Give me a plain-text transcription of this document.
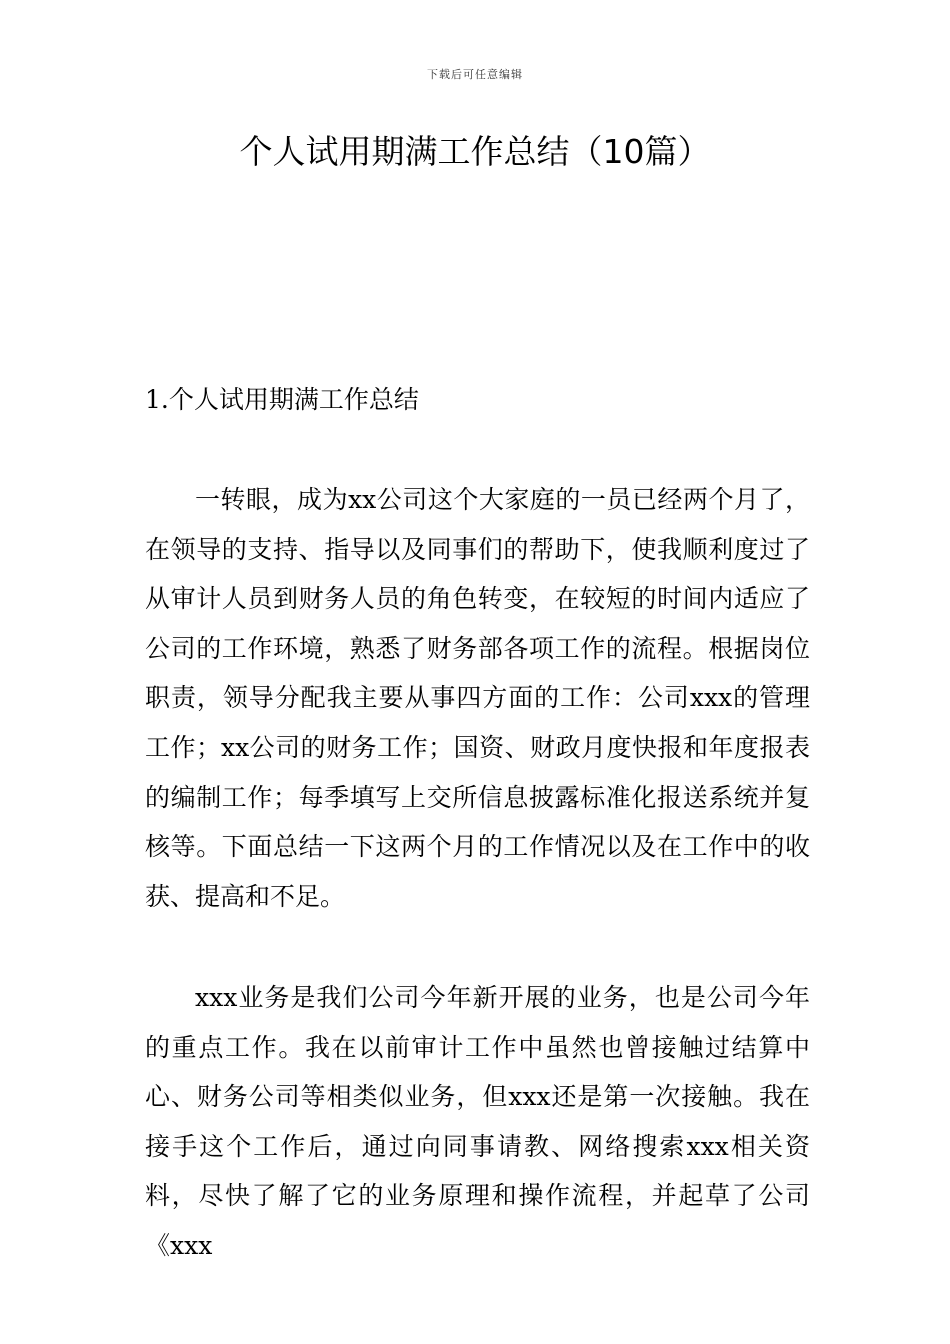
下载后可任意编辑
个人试用期满工作总结（10篇）
1.个人试用期满工作总结

一转眼，成为xx公司这个大家庭的一员已经两个月了，在领导的支持、指导以及同事们的帮助下，使我顺利度过了从审计人员到财务人员的角色转变，在较短的时间内适应了公司的工作环境，熟悉了财务部各项工作的流程。根据岗位职责，领导分配我主要从事四方面的工作：公司xxx的管理工作；xx公司的财务工作；国资、财政月度快报和年度报表的编制工作；每季填写上交所信息披露标准化报送系统并复核等。下面总结一下这两个月的工作情况以及在工作中的收获、提高和不足。

xxx业务是我们公司今年新开展的业务，也是公司今年的重点工作。我在以前审计工作中虽然也曾接触过结算中心、财务公司等相类似业务，但xxx还是第一次接触。我在接手这个工作后，通过向同事请教、网络搜索xxx相关资料，尽快了解了它的业务原理和操作流程，并起草了公司《xxx
